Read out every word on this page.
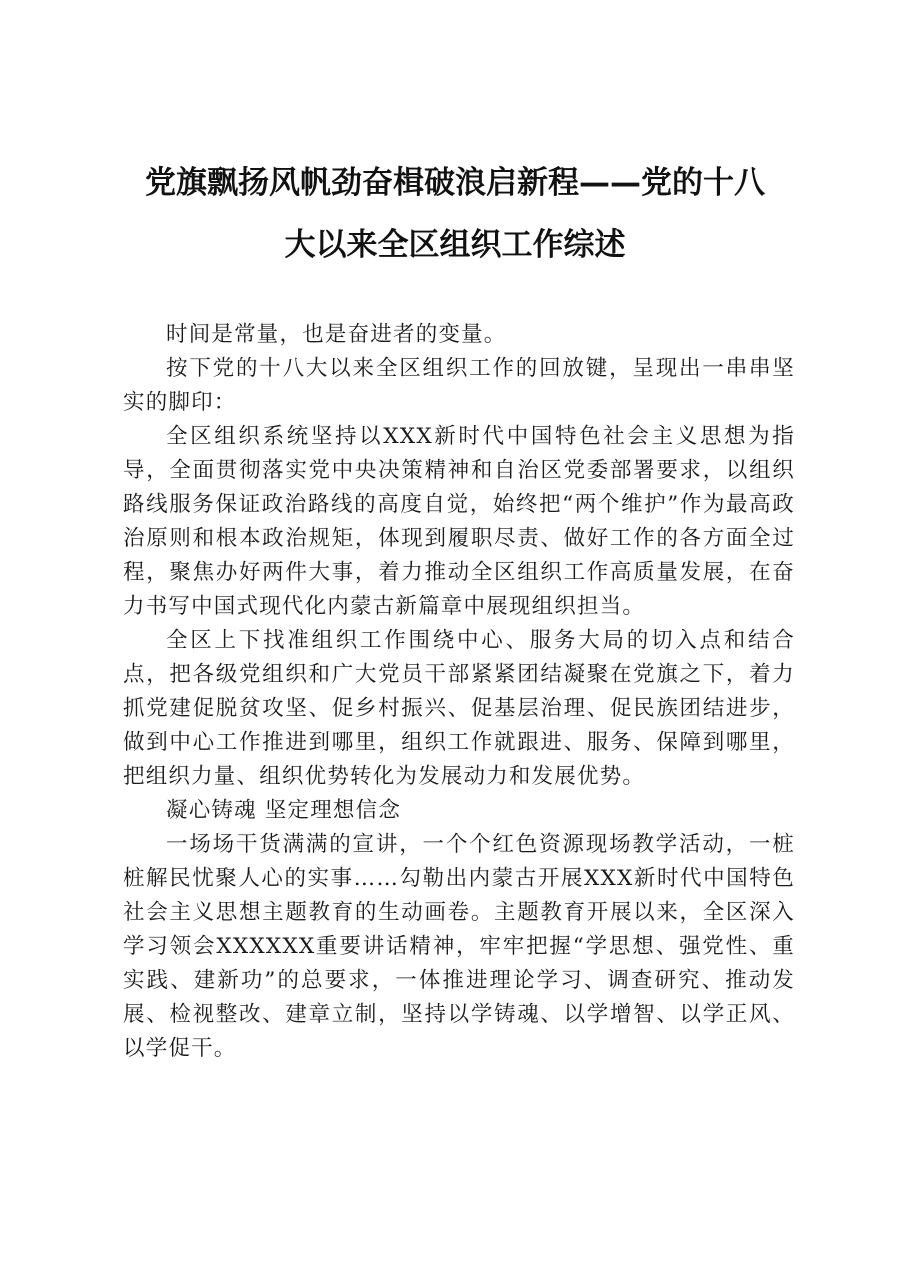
党旗飘扬风帆劲奋楫破浪启新程——党的十八
大以来全区组织工作综述

时间是常量，也是奋进者的变量。

按下党的十八大以来全区组织工作的回放键，呈现出一串串坚实的脚印：

全区组织系统坚持以XXX新时代中国特色社会主义思想为指导，全面贯彻落实党中央决策精神和自治区党委部署要求，以组织路线服务保证政治路线的高度自觉，始终把“两个维护”作为最高政治原则和根本政治规矩，体现到履职尽责、做好工作的各方面全过程，聚焦办好两件大事，着力推动全区组织工作高质量发展，在奋力书写中国式现代化内蒙古新篇章中展现组织担当。

全区上下找准组织工作围绕中心、服务大局的切入点和结合点，把各级党组织和广大党员干部紧紧团结凝聚在党旗之下，着力抓党建促脱贫攻坚、促乡村振兴、促基层治理、促民族团结进步，做到中心工作推进到哪里，组织工作就跟进、服务、保障到哪里，把组织力量、组织优势转化为发展动力和发展优势。

凝心铸魂 坚定理想信念

一场场干货满满的宣讲，一个个红色资源现场教学活动，一桩桩解民忧聚人心的实事……勾勒出内蒙古开展XXX新时代中国特色社会主义思想主题教育的生动画卷。主题教育开展以来，全区深入学习领会XXXXXX重要讲话精神，牢牢把握“学思想、强党性、重实践、建新功”的总要求，一体推进理论学习、调查研究、推动发展、检视整改、建章立制，坚持以学铸魂、以学增智、以学正风、以学促干。
